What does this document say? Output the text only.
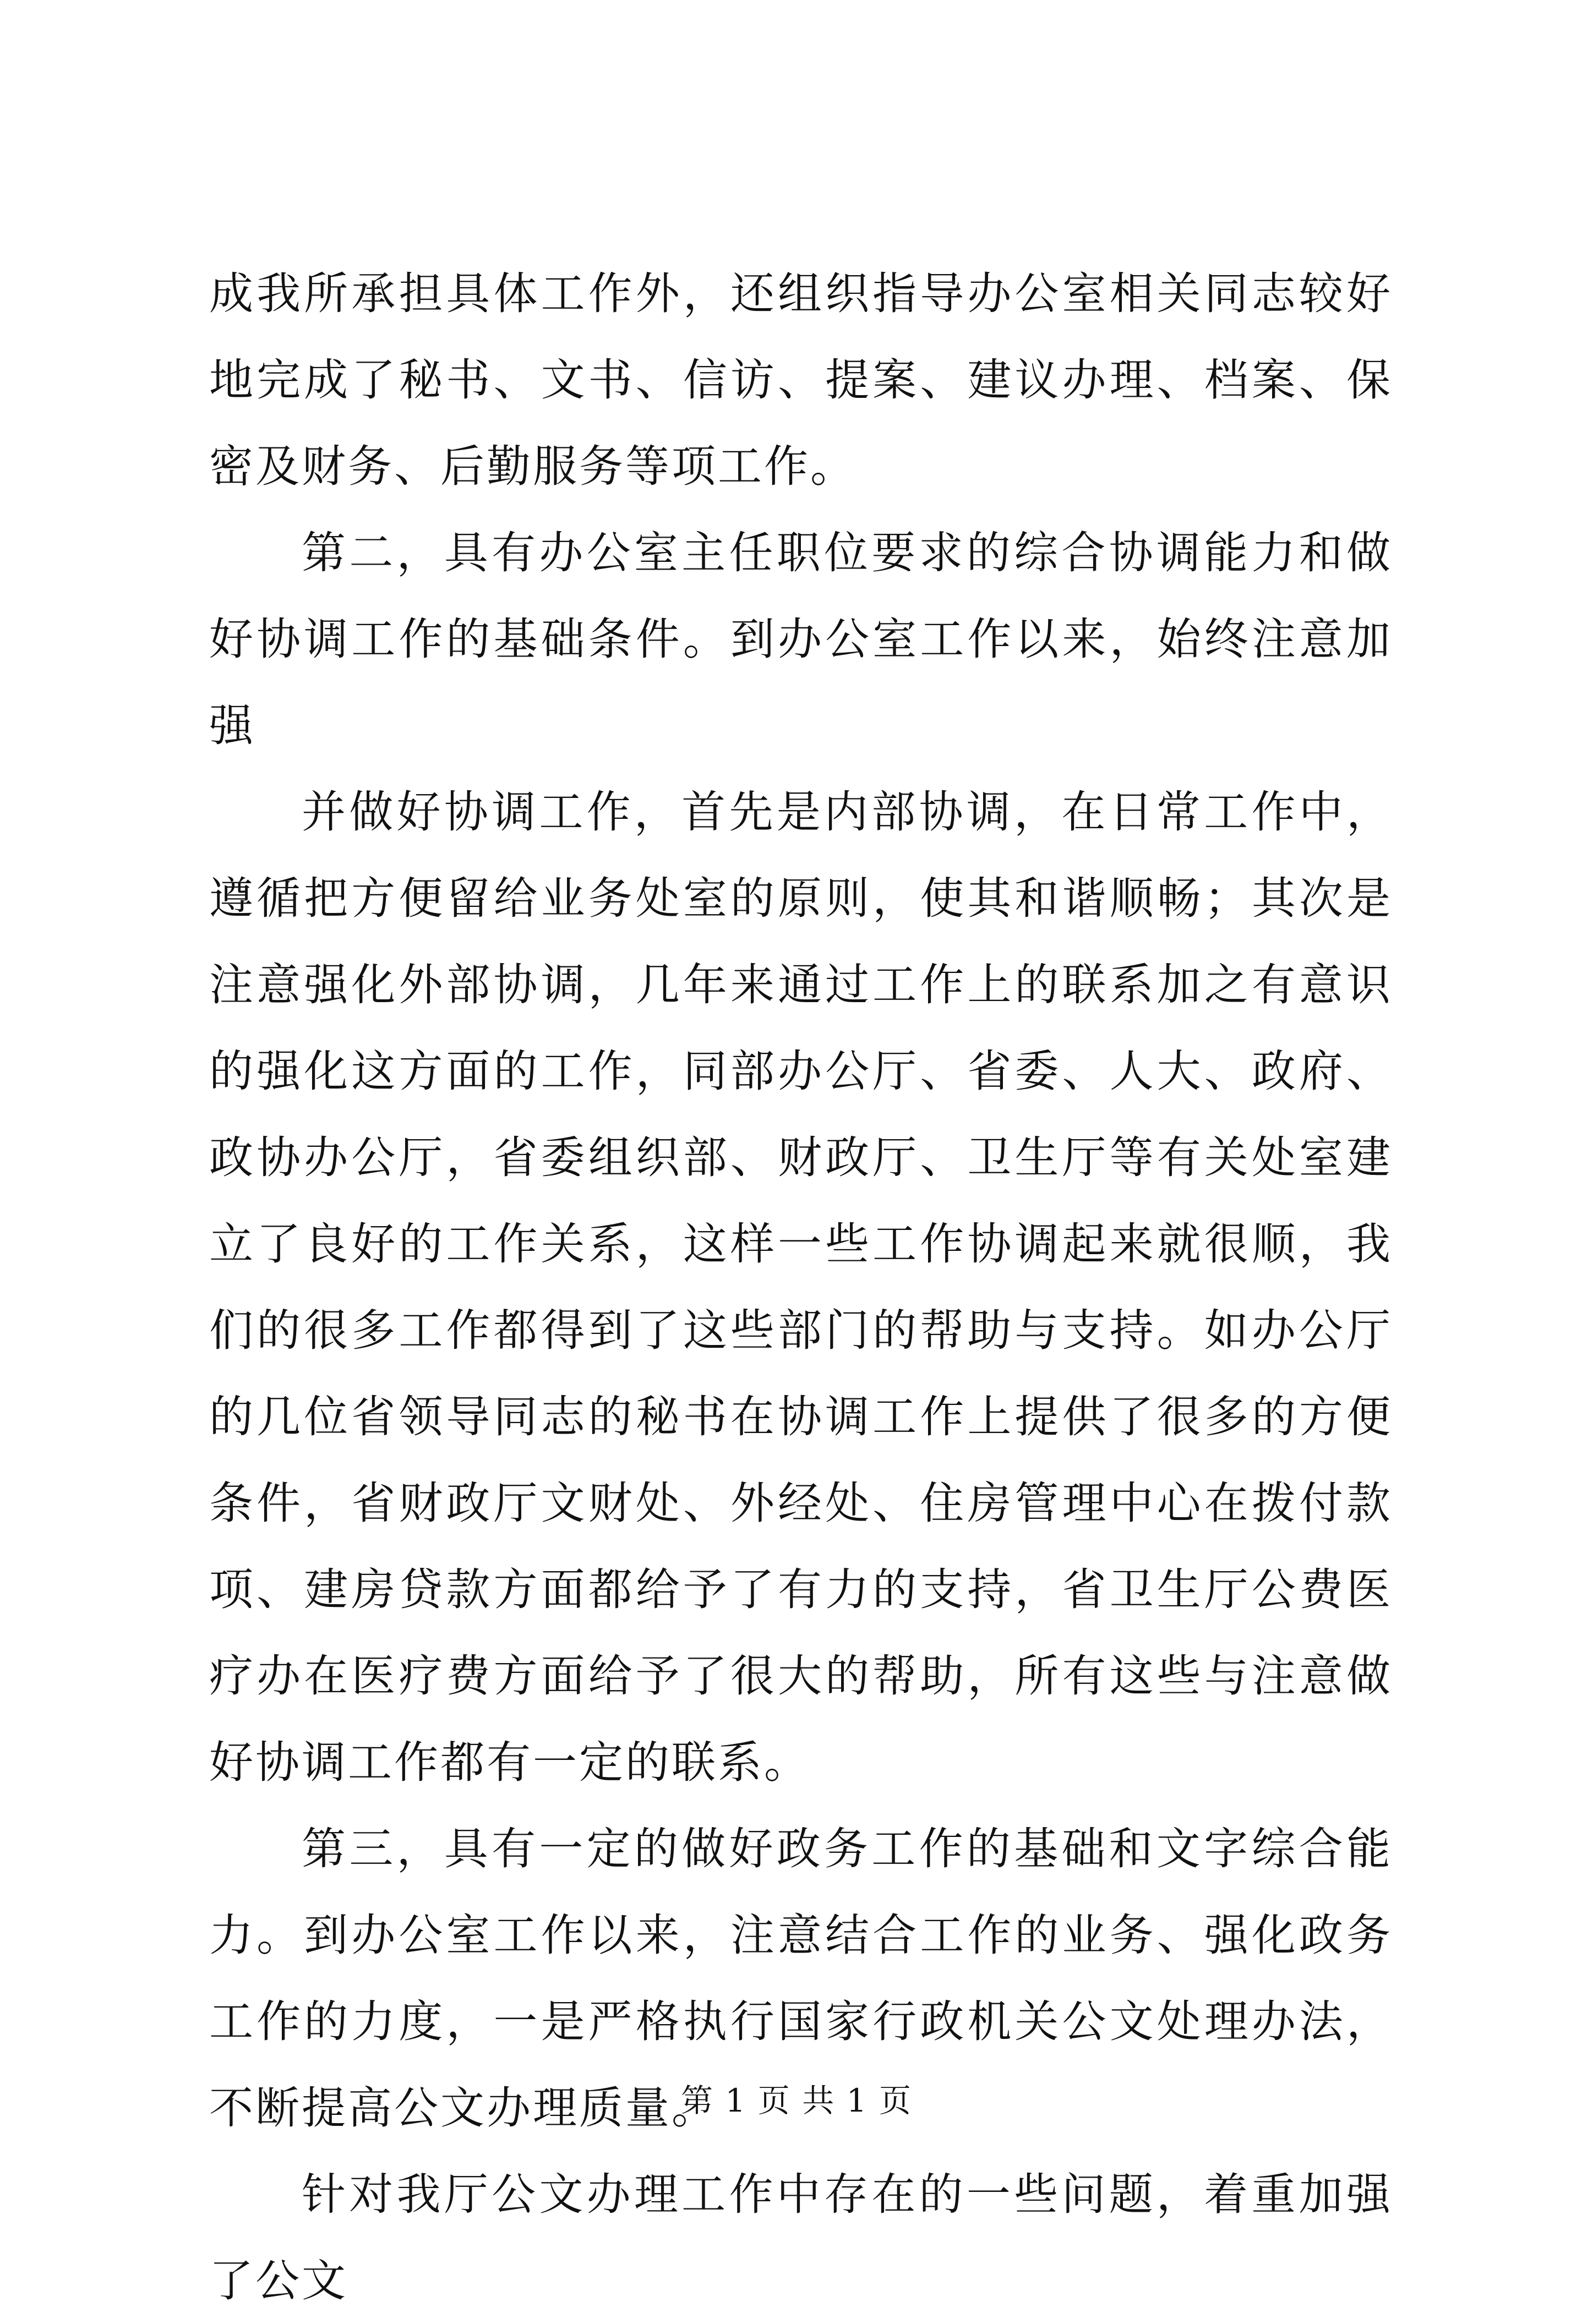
成我所承担具体工作外，还组织指导办公室相关同志较好地完成了秘书、文书、信访、提案、建议办理、档案、保密及财务、后勤服务等项工作。

第二，具有办公室主任职位要求的综合协调能力和做好协调工作的基础条件。到办公室工作以来，始终注意加强

并做好协调工作，首先是内部协调，在日常工作中，遵循把方便留给业务处室的原则，使其和谐顺畅；其次是注意强化外部协调，几年来通过工作上的联系加之有意识的强化这方面的工作，同部办公厅、省委、人大、政府、政协办公厅，省委组织部、财政厅、卫生厅等有关处室建立了良好的工作关系，这样一些工作协调起来就很顺，我们的很多工作都得到了这些部门的帮助与支持。如办公厅的几位省领导同志的秘书在协调工作上提供了很多的方便条件，省财政厅文财处、外经处、住房管理中心在拨付款项、建房贷款方面都给予了有力的支持，省卫生厅公费医疗办在医疗费方面给予了很大的帮助，所有这些与注意做好协调工作都有一定的联系。

第三，具有一定的做好政务工作的基础和文字综合能力。到办公室工作以来，注意结合工作的业务、强化政务工作的力度，一是严格执行国家行政机关公文处理办法，不断提高公文办理质量。

针对我厅公文办理工作中存在的一些问题，着重加强了公文

第 1 页 共 1 页
